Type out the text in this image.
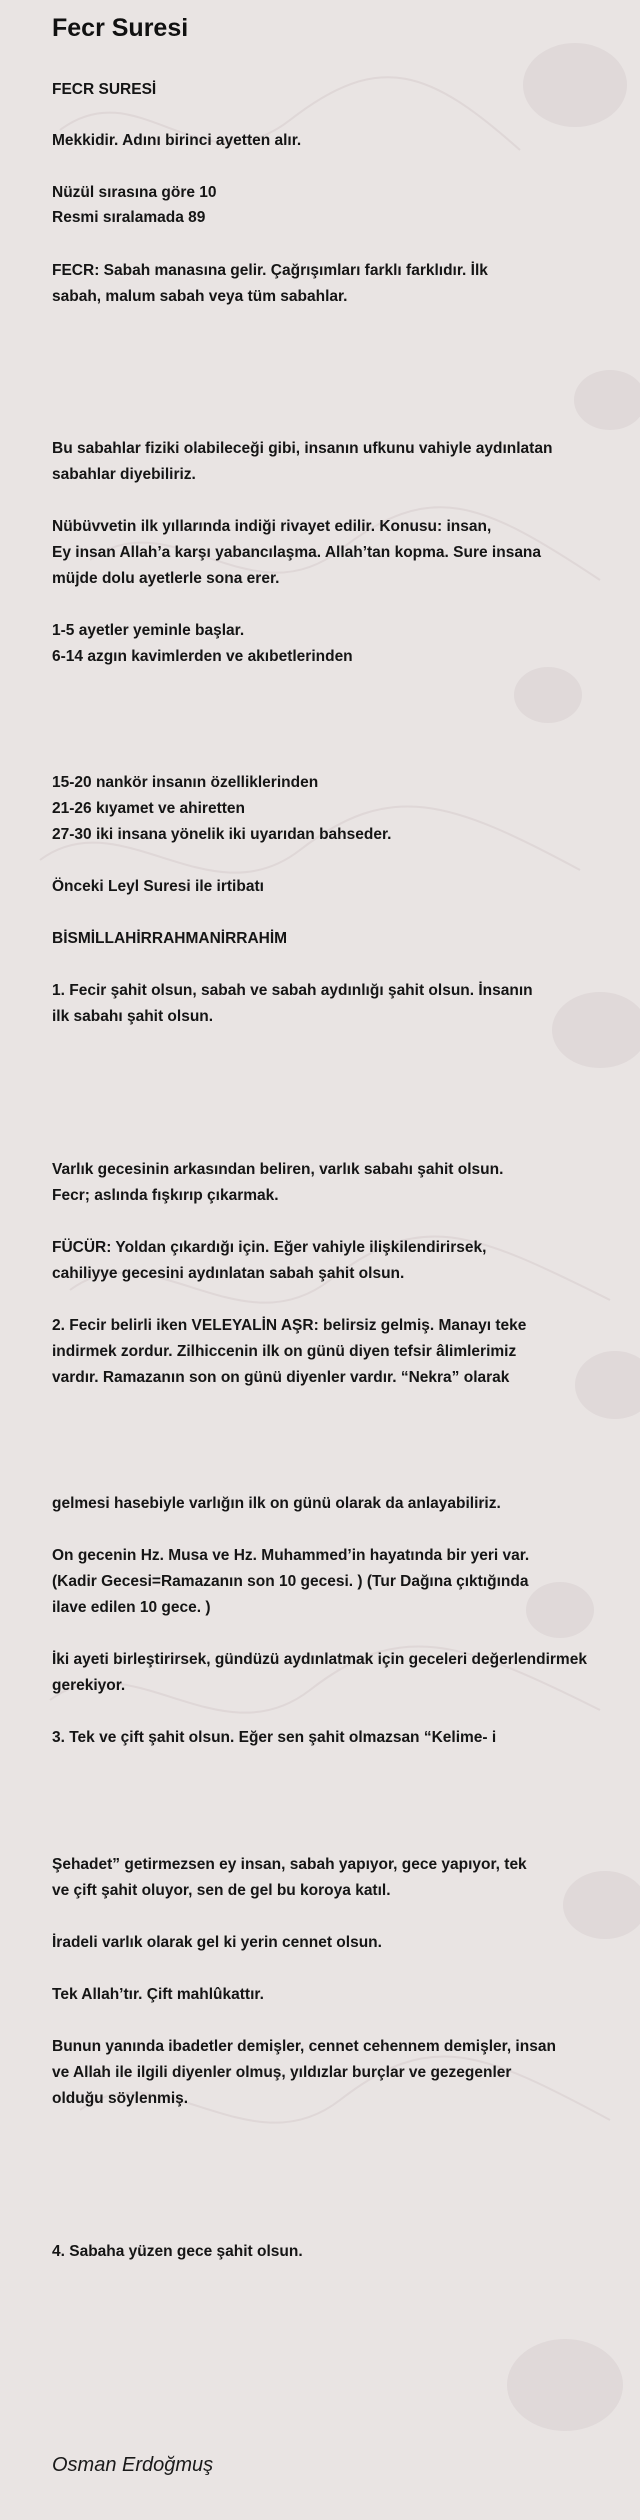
Fecr Suresi
FECR SURESİ
Mekkidir. Adını birinci ayetten alır.
Nüzül sırasına göre 10
Resmi sıralamada 89
FECR: Sabah manasına gelir. Çağrışımları farklı farklıdır. İlk
sabah, malum sabah veya tüm sabahlar.
Bu sabahlar fiziki olabileceği gibi, insanın ufkunu vahiyle aydınlatan
sabahlar diyebiliriz.
Nübüvvetin ilk yıllarında indiği rivayet edilir. Konusu: insan,
Ey insan Allah’a karşı yabancılaşma. Allah’tan kopma. Sure insana
müjde dolu ayetlerle sona erer.
1-5 ayetler yeminle başlar.
6-14 azgın kavimlerden ve akıbetlerinden
15-20 nankör insanın özelliklerinden
21-26 kıyamet ve ahiretten
27-30 iki insana yönelik iki uyarıdan bahseder.
Önceki Leyl Suresi ile irtibatı
BİSMİLLAHİRRAHMANİRRAHİM
1. Fecir şahit olsun, sabah ve sabah aydınlığı şahit olsun. İnsanın
ilk sabahı şahit olsun.
Varlık gecesinin arkasından beliren, varlık sabahı şahit olsun.
Fecr; aslında fışkırıp çıkarmak.
FÜCÜR: Yoldan çıkardığı için. Eğer vahiyle ilişkilendirirsek,
cahiliyye gecesini aydınlatan sabah şahit olsun.
2. Fecir belirli iken VELEYALİN AŞR: belirsiz gelmiş. Manayı teke
indirmek zordur. Zilhiccenin ilk on günü diyen tefsir âlimlerimiz
vardır. Ramazanın son on günü diyenler vardır. “Nekra” olarak
gelmesi hasebiyle varlığın ilk on günü olarak da anlayabiliriz.
On gecenin Hz. Musa ve Hz. Muhammed’in hayatında bir yeri var.
(Kadir Gecesi=Ramazanın son 10 gecesi. ) (Tur Dağına çıktığında
ilave edilen 10 gece. )
İki ayeti birleştirirsek, gündüzü aydınlatmak için geceleri değerlendirmek
gerekiyor.
3. Tek ve çift şahit olsun. Eğer sen şahit olmazsan “Kelime- i
Şehadet” getirmezsen ey insan, sabah yapıyor, gece yapıyor, tek
ve çift şahit oluyor, sen de gel bu koroya katıl.
İradeli varlık olarak gel ki yerin cennet olsun.
Tek Allah’tır. Çift mahlûkattır.
Bunun yanında ibadetler demişler, cennet cehennem demişler, insan
ve Allah ile ilgili diyenler olmuş, yıldızlar burçlar ve gezegenler
olduğu söylenmiş.
4. Sabaha yüzen gece şahit olsun.
Osman Erdoğmuş
